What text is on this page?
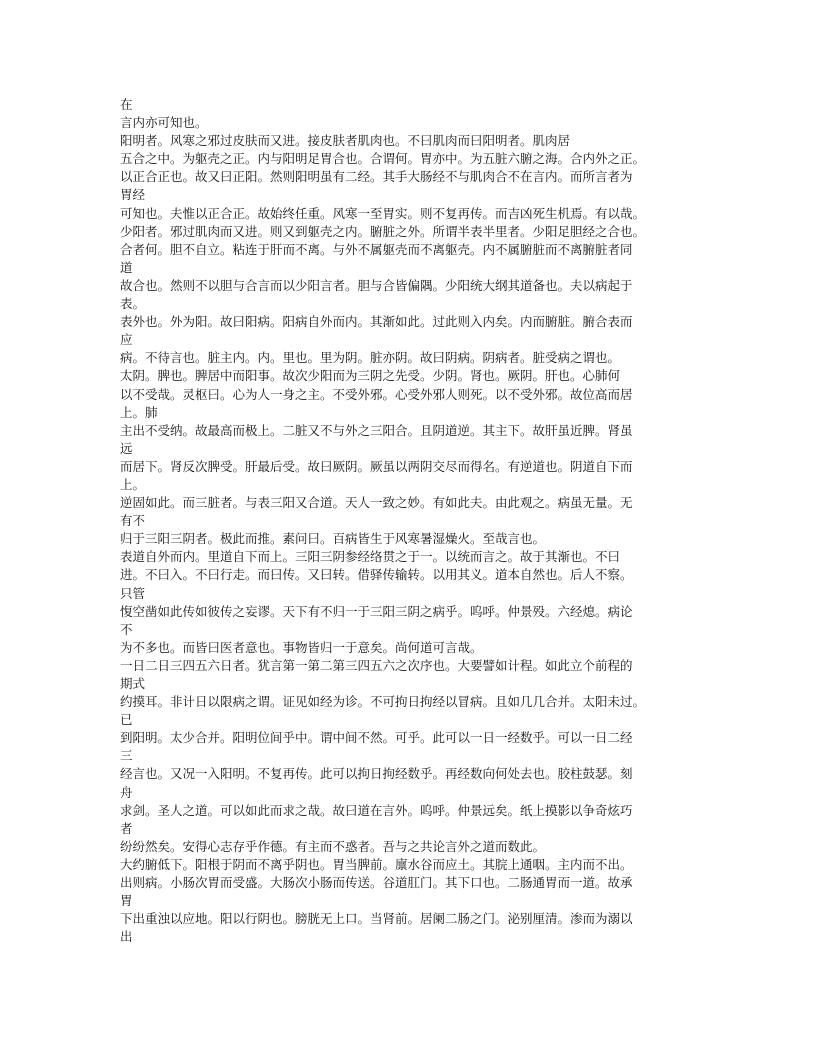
在
言内亦可知也。
阳明者。风寒之邪过皮肤而又进。接皮肤者肌肉也。不曰肌肉而曰阳明者。肌肉居
五合之中。为躯壳之正。内与阳明足胃合也。合谓何。胃亦中。为五脏六腑之海。合内外之正。
以正合正也。故又曰正阳。然则阳明虽有二经。其手大肠经不与肌肉合不在言内。而所言者为
胃经
可知也。夫惟以正合正。故始终任重。风寒一至胃实。则不复再传。而吉凶死生机焉。有以哉。
少阳者。邪过肌肉而又进。则又到躯壳之内。腑脏之外。所谓半表半里者。少阳足胆经之合也。
合者何。胆不自立。粘连于肝而不离。与外不属躯壳而不离躯壳。内不属腑脏而不离腑脏者同
道
故合也。然则不以胆与合言而以少阳言者。胆与合皆偏隅。少阳统大纲其道备也。夫以病起于
表。
表外也。外为阳。故曰阳病。阳病自外而内。其渐如此。过此则入内矣。内而腑脏。腑合表而
应
病。不待言也。脏主内。内。里也。里为阴。脏亦阴。故曰阴病。阴病者。脏受病之谓也。
太阴。脾也。脾居中而阳事。故次少阳而为三阴之先受。少阴。肾也。厥阴。肝也。心肺何
以不受哉。灵枢曰。心为人一身之主。不受外邪。心受外邪人则死。以不受外邪。故位高而居
上。肺
主出不受纳。故最高而极上。二脏又不与外之三阳合。且阴道逆。其主下。故肝虽近脾。肾虽
远
而居下。肾反次脾受。肝最后受。故曰厥阴。厥虽以两阴交尽而得名。有逆道也。阴道自下而
上。
逆固如此。而三脏者。与表三阳又合道。天人一致之妙。有如此夫。由此观之。病虽无量。无
有不
归于三阳三阴者。极此而推。素问曰。百病皆生于风寒暑湿燥火。至哉言也。
表道自外而内。里道自下而上。三阳三阴参经络贯之于一。以统而言之。故于其渐也。不曰
进。不曰入。不曰行走。而曰传。又曰转。借驿传输转。以用其义。道本自然也。后人不察。
只管
愎空凿如此传如彼传之妄谬。天下有不归一于三阳三阴之病乎。呜呼。仲景殁。六经熄。病论
不
为不多也。而皆曰医者意也。事物皆归一于意矣。尚何道可言哉。
一日二日三四五六日者。犹言第一第二第三四五六之次序也。大要譬如计程。如此立个前程的
期式
约摸耳。非计日以限病之谓。证见如经为诊。不可拘日拘经以冒病。且如几几合并。太阳未过。
已
到阳明。太少合并。阳明位间乎中。谓中间不然。可乎。此可以一日一经数乎。可以一日二经
三
经言也。又况一入阳明。不复再传。此可以拘日拘经数乎。再经数向何处去也。胶柱鼓瑟。刻
舟
求剑。圣人之道。可以如此而求之哉。故曰道在言外。呜呼。仲景远矣。纸上摸影以争奇炫巧
者
纷纷然矣。安得心志存乎作德。有主而不惑者。吾与之共论言外之道而数此。
大约腑低下。阳根于阴而不离乎阴也。胃当脾前。廪水谷而应土。其脘上通咽。主内而不出。
出则病。小肠次胃而受盛。大肠次小肠而传送。谷道肛门。其下口也。二肠通胃而一道。故承
胃
下出重浊以应地。阳以行阴也。膀胱无上口。当肾前。居阑二肠之门。泌别厘清。渗而为溺以
出
